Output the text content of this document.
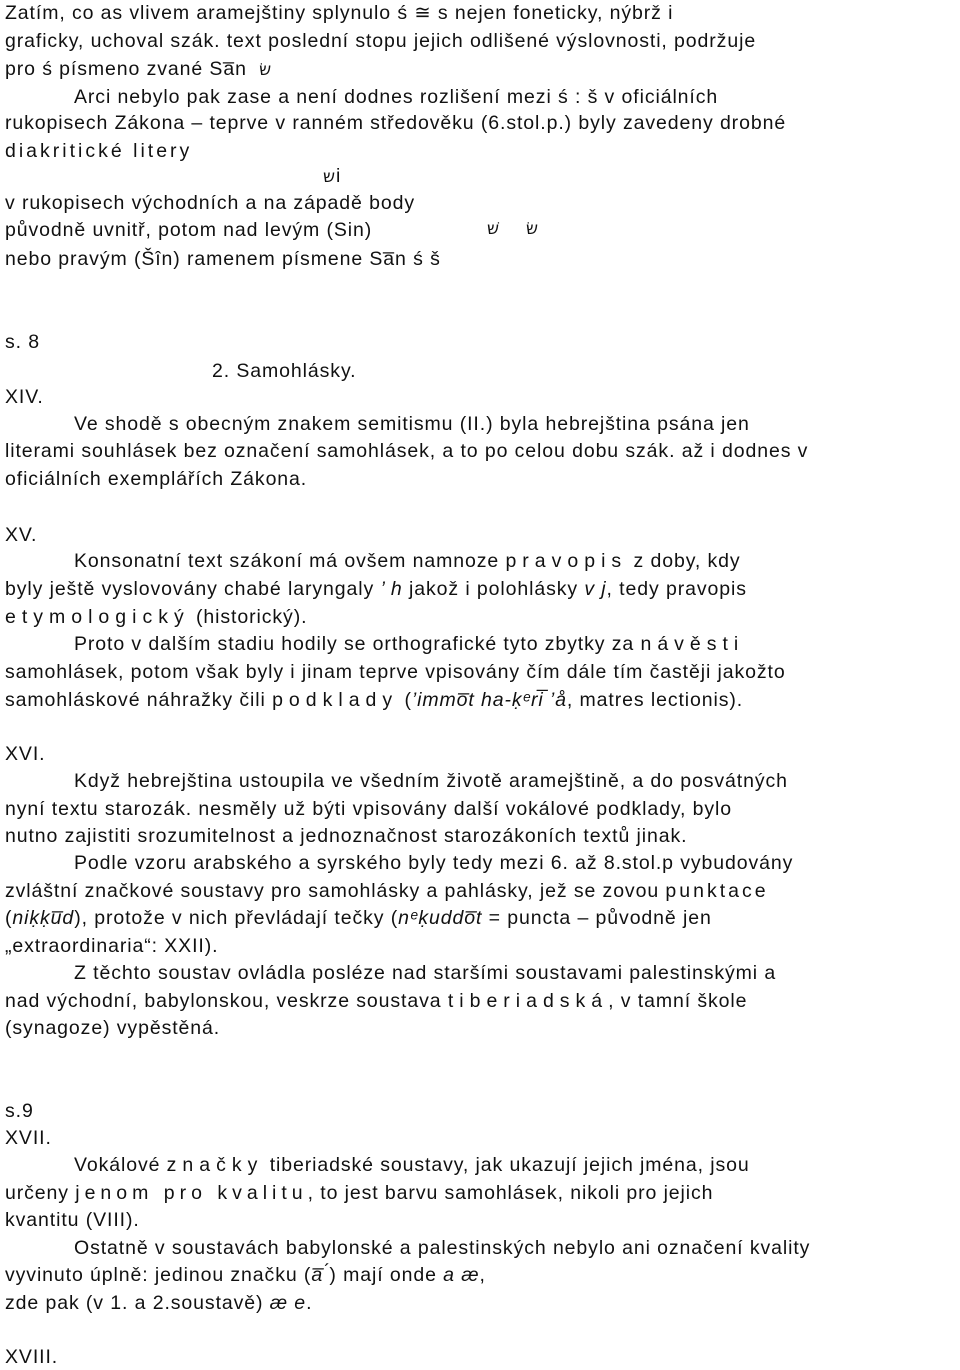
Zatím, co as vlivem aramejštiny splynulo ś ≅ s nejen foneticky, nýbrž i
graficky, uchoval szák. text poslední stopu jejich odlišené výslovnosti, podržuje
pro ś písmeno zvané Sa̅n שׂ
Arci nebylo pak zase a není dodnes rozlišení mezi ś : š v oficiálních
rukopisech Zákona – teprve v ranném středověku (6.stol.p.) byly zavedeny drobné
diakritické litery
שi
v rukopisech východních a na západě body
původně uvnitř, potom nad levým (Sin)	שׁ שׂ
nebo pravým (Šîn) ramenem písmene Sa̅n ś š
s. 8
2. Samohlásky.
XIV.
Ve shodě s obecným znakem semitismu (II.) byla hebrejština psána jen
literami souhlásek bez označení samohlásek, a to po celou dobu szák. až i dodnes v
oficiálních exemplářích Zákona.
XV.
Konsonatní text szákoní má ovšem namnoze pravopis z doby, kdy
byly ještě vyslovovány chabé laryngaly ’ h jakož i polohlásky v j, tedy pravopis
etymologický (historický).
Proto v dalším stadiu hodily se orthografické tyto zbytky za návěsti
samohlásek, potom však byly i jinam teprve vpisovány čím dále tím častěji jakožto
samohláskové náhražky čili podklady (’immo̅t ha-ḳᵉri̅ ’å, matres lectionis).
XVI.
Když hebrejština ustoupila ve všedním životě aramejštině, a do posvátných
nyní textu starozák. nesměly už býti vpisovány další vokálové podklady, bylo
nutno zajistiti srozumitelnost a jednoznačnost starozákoních textů jinak.
Podle vzoru arabského a syrského byly tedy mezi 6. až 8.stol.p vybudovány
zvláštní značkové soustavy pro samohlásky a pahlásky, jež se zovou punktace
(niḳḳu̅d), protože v nich převládají tečky (nᵉḳuddo̅t = puncta – původně jen
„extraordinaria“: XXII).
Z těchto soustav ovládla posléze nad staršími soustavami palestinskými a
nad východní, babylonskou, veskrze soustava tiberiadská, v tamní škole
(synagoze) vypěstěná.
s.9
XVII.
Vokálové značky tiberiadské soustavy, jak ukazují jejich jména, jsou
určeny jenom pro kvalitu, to jest barvu samohlásek, nikoli pro jejich
kvantitu (VIII).
Ostatně v soustavách babylonské a palestinských nebylo ani označení kvality
vyvinuto úplně: jedinou značku (a̅ ́) mají onde a æ,
zde pak (v 1. a 2.soustavě) æ e.
XVIII.
